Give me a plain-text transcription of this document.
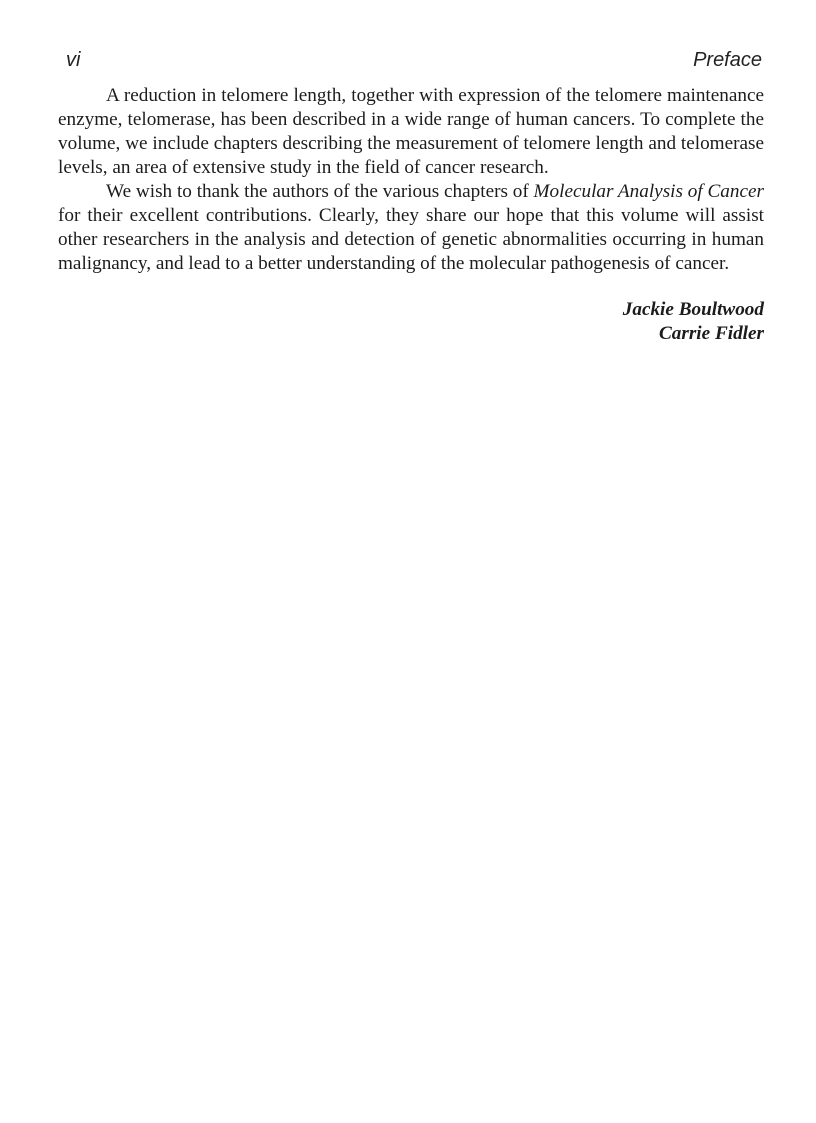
vi	Preface

A reduction in telomere length, together with expression of the telomere maintenance enzyme, telomerase, has been described in a wide range of human cancers. To complete the volume, we include chapters describing the measurement of telomere length and telomerase levels, an area of extensive study in the field of cancer research.

We wish to thank the authors of the various chapters of Molecular Analysis of Cancer for their excellent contributions. Clearly, they share our hope that this volume will assist other researchers in the analysis and detection of genetic abnormalities occurring in human malignancy, and lead to a better understanding of the molecular pathogenesis of cancer.

Jackie Boultwood
Carrie Fidler
